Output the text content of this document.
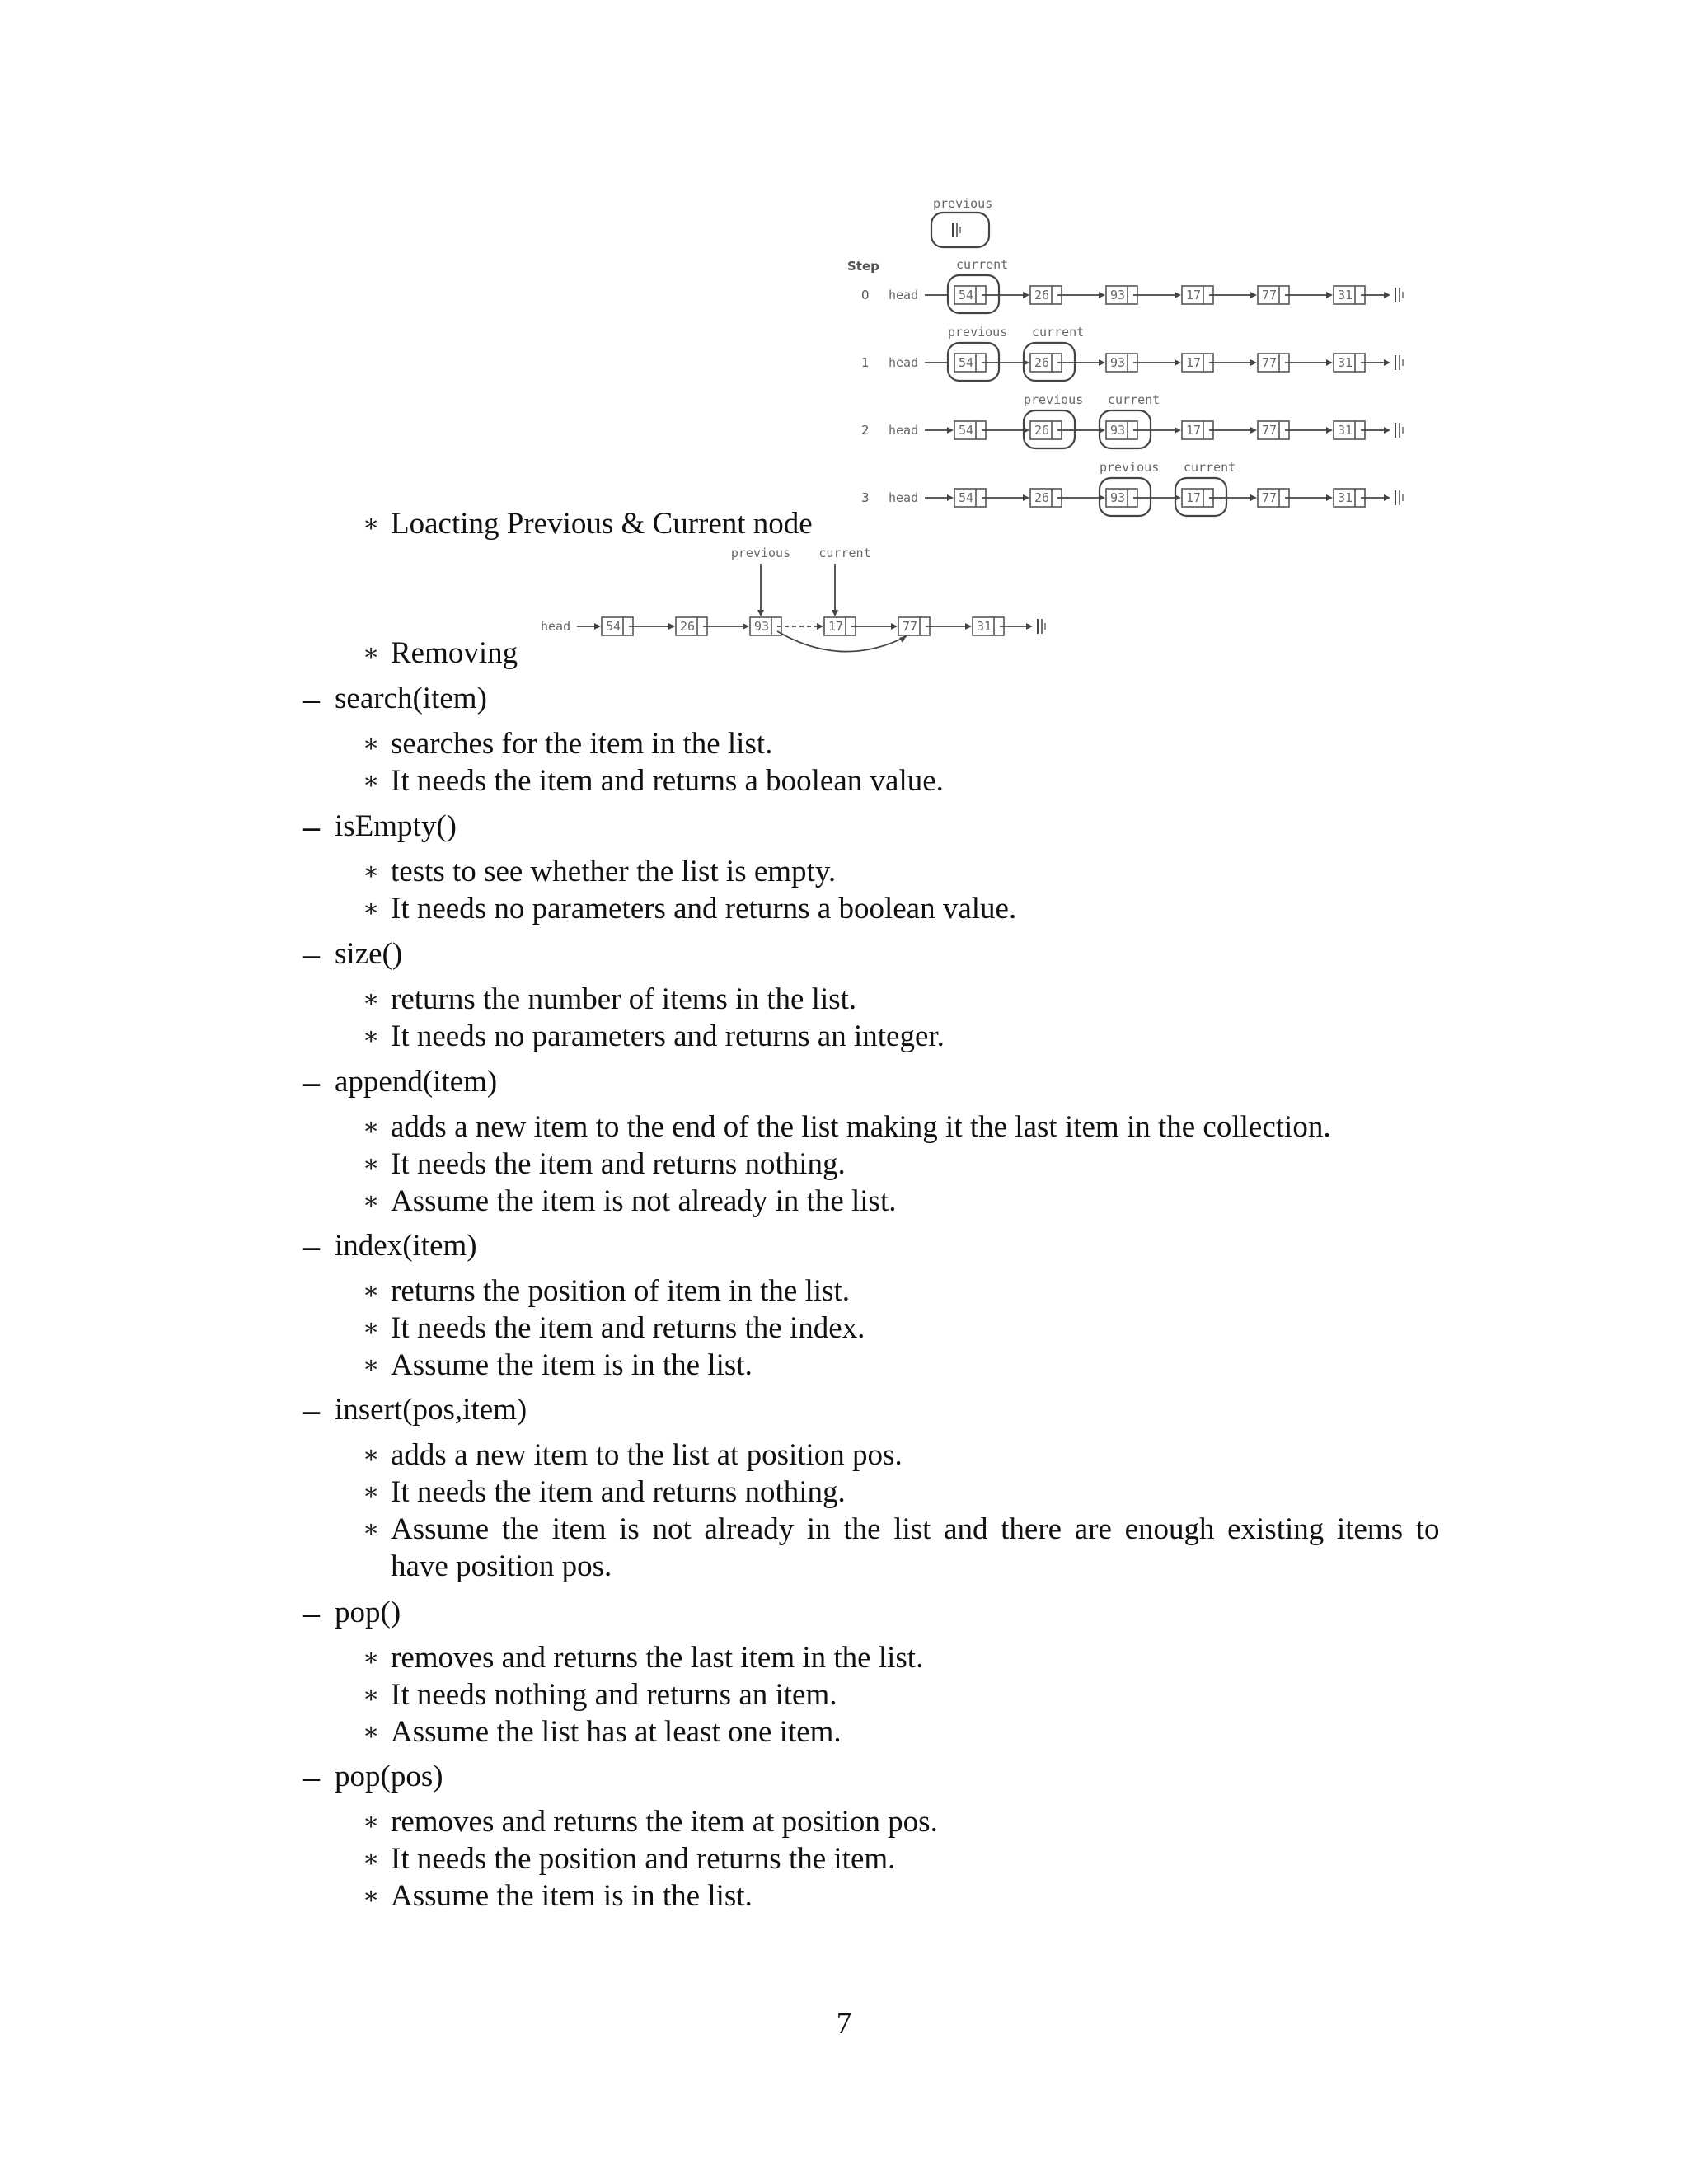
previous
Step
0 head
current
54	26	93	17	77	31
1 head
previous current
54	26	93	17	77	31
2 head
previous current
54	26	93	17	77	31
3 head
previous current
54	26	93	17	77	31
∗ Loacting Previous & Current node
head
previous current
54	26	93	17	77	31
∗ Removing
– search(item)
∗ searches for the item in the list.
∗ It needs the item and returns a boolean value.
– isEmpty()
∗ tests to see whether the list is empty.
∗ It needs no parameters and returns a boolean value.
– size()
∗ returns the number of items in the list.
∗ It needs no parameters and returns an integer.
– append(item)
∗ adds a new item to the end of the list making it the last item in the collection.
∗ It needs the item and returns nothing.
∗ Assume the item is not already in the list.
– index(item)
∗ returns the position of item in the list.
∗ It needs the item and returns the index.
∗ Assume the item is in the list.
– insert(pos,item)
∗ adds a new item to the list at position pos.
∗ It needs the item and returns nothing.
∗ Assume the item is not already in the list and there are enough existing items to
have position pos.
– pop()
∗ removes and returns the last item in the list.
∗ It needs nothing and returns an item.
∗ Assume the list has at least one item.
– pop(pos)
∗ removes and returns the item at position pos.
∗ It needs the position and returns the item.
∗ Assume the item is in the list.
7
